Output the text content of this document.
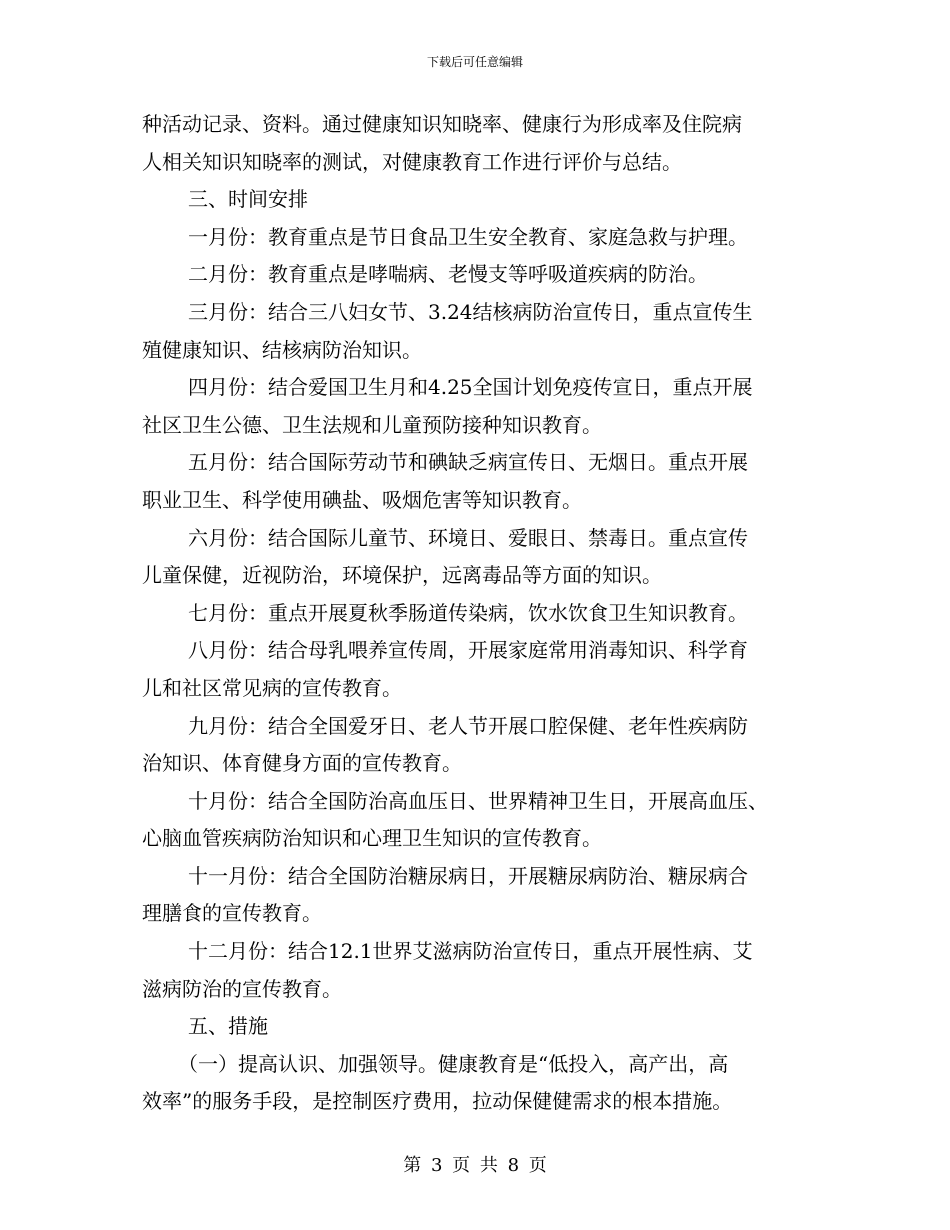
下载后可任意编辑
种活动记录、资料。通过健康知识知晓率、健康行为形成率及住院病
人相关知识知晓率的测试，对健康教育工作进行评价与总结。
三、时间安排
一月份：教育重点是节日食品卫生安全教育、家庭急救与护理。
二月份：教育重点是哮喘病、老慢支等呼吸道疾病的防治。
三月份：结合三八妇女节、3.24结核病防治宣传日，重点宣传生
殖健康知识、结核病防治知识。
四月份：结合爱国卫生月和4.25全国计划免疫传宣日，重点开展
社区卫生公德、卫生法规和儿童预防接种知识教育。
五月份：结合国际劳动节和碘缺乏病宣传日、无烟日。重点开展
职业卫生、科学使用碘盐、吸烟危害等知识教育。
六月份：结合国际儿童节、环境日、爱眼日、禁毒日。重点宣传
儿童保健，近视防治，环境保护，远离毒品等方面的知识。
七月份：重点开展夏秋季肠道传染病，饮水饮食卫生知识教育。
八月份：结合母乳喂养宣传周，开展家庭常用消毒知识、科学育
儿和社区常见病的宣传教育。
九月份：结合全国爱牙日、老人节开展口腔保健、老年性疾病防
治知识、体育健身方面的宣传教育。
十月份：结合全国防治高血压日、世界精神卫生日，开展高血压、
心脑血管疾病防治知识和心理卫生知识的宣传教育。
十一月份：结合全国防治糖尿病日，开展糖尿病防治、糖尿病合
理膳食的宣传教育。
十二月份：结合12.1世界艾滋病防治宣传日，重点开展性病、艾
滋病防治的宣传教育。
五、措施
（一）提高认识、加强领导。健康教育是“低投入，高产出，高
效率”的服务手段，是控制医疗费用，拉动保健健需求的根本措施。
第 3 页 共 8 页
